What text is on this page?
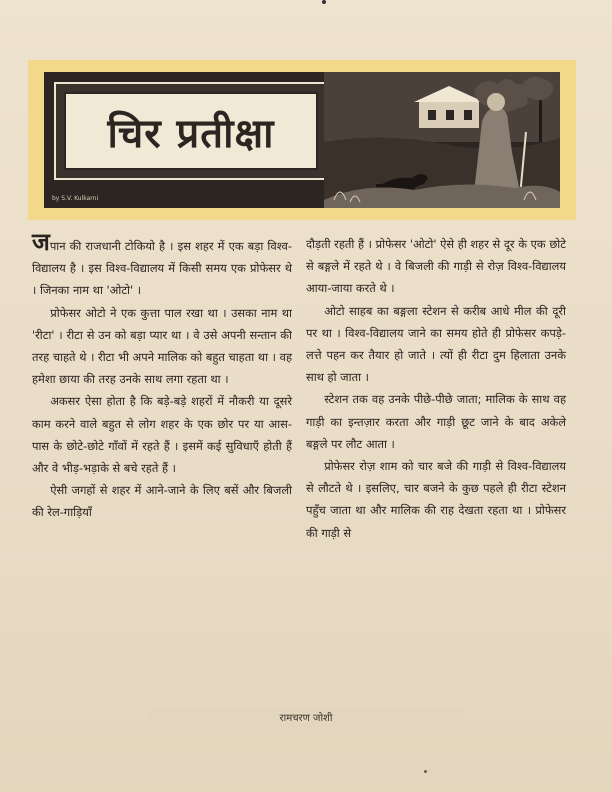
चिर प्रतीक्षा
by S.V. Kulkarni

जपान की राजधानी टोकियो है । इस शहर में एक बड़ा विश्व-विद्यालय है । इस विश्व-विद्यालय में किसी समय एक प्रोफेसर थे । जिनका नाम था 'ओटो' ।

प्रोफेसर ओटो ने एक कुत्ता पाल रखा था । उसका नाम था 'रीटा' । रीटा से उन को बड़ा प्यार था । वे उसे अपनी सन्तान की तरह चाहते थे । रीटा भी अपने मालिक को बहुत चाहता था । वह हमेशा छाया की तरह उनके साथ लगा रहता था ।

अकसर ऐसा होता है कि बड़े-बड़े शहरों में नौकरी या दूसरे काम करने वाले बहुत से लोग शहर के एक छोर पर या आस-पास के छोटे-छोटे गाँवों में रहते हैं । इसमें कई सुविधाएँ होती हैं और वे भीड़-भड़ाके से बचे रहते हैं ।

ऐसी जगहों से शहर में आने-जाने के लिए बसें और बिजली की रेल-गाड़ियाँ

दौड़ती रहती हैं । प्रोफेसर 'ओटो' ऐसे ही शहर से दूर के एक छोटे से बङ्गले में रहते थे । वे बिजली की गाड़ी से रोज़ विश्व-विद्यालय आया-जाया करते थे ।

ओटो साहब का बङ्गला स्टेशन से करीब आधे मील की दूरी पर था । विश्व-विद्यालय जाने का समय होते ही प्रोफेसर कपड़े-लत्ते पहन कर तैयार हो जाते । त्यों ही रीटा दुम हिलाता उनके साथ हो जाता ।

स्टेशन तक वह उनके पीछे-पीछे जाता; मालिक के साथ वह गाड़ी का इन्तज़ार करता और गाड़ी छूट जाने के बाद अकेले बङ्गले पर लौट आता ।

प्रोफेसर रोज़ शाम को चार बजे की गाड़ी से विश्व-विद्यालय से लौटते थे । इसलिए, चार बजने के कुछ पहले ही रीटा स्टेशन पहुँच जाता था और मालिक की राह देखता रहता था । प्रोफेसर की गाड़ी से

रामचरण जोशी
